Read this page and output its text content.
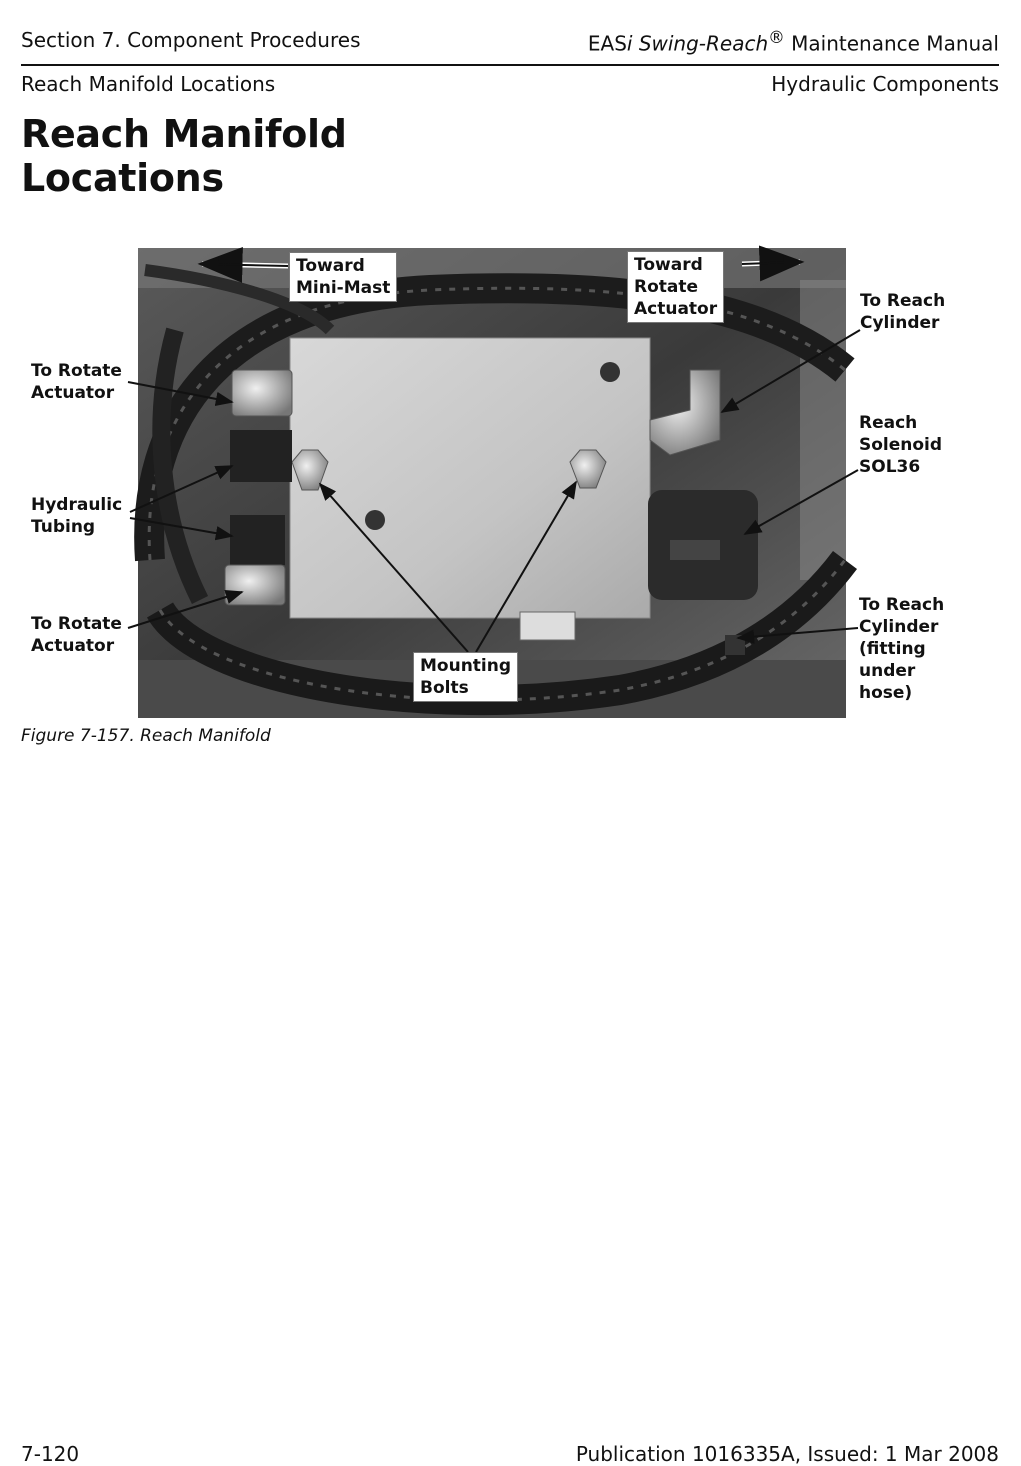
Section 7. Component Procedures	EASi Swing-Reach® Maintenance Manual
Reach Manifold Locations	Hydraulic Components
Reach Manifold
Locations
Toward
Mini-Mast
Toward
Rotate
Actuator	To Reach
Cylinder
To Rotate
Actuator
Reach
Solenoid
SOL36
Hydraulic
Tubing
To Rotate
Actuator
To Reach
Cylinder
(fitting
under
hose)
Mounting
Bolts
Figure 7-157. Reach Manifold
7-120	Publication 1016335A, Issued: 1 Mar 2008
